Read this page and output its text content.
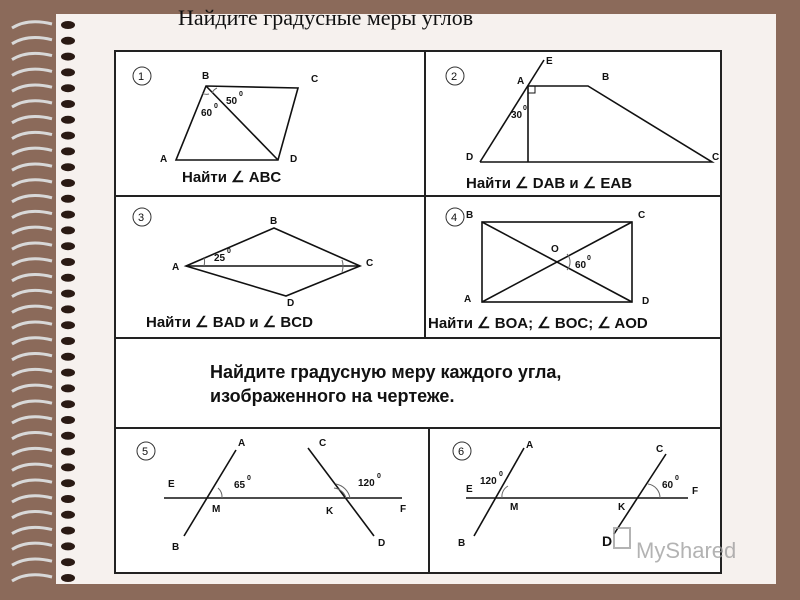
Найдите градусные меры углов
1	B	C
A	D
50
0
60
0
Найти ∠ ABC
2
E
A	B
D	C
30
0
Найти ∠ DAB и ∠ EAB
3	B
A	C
D
25
0
Найти ∠ BAD и ∠ BCD
4 B	C
O
A	D
60
0
Найти ∠ BOA; ∠ BOC; ∠ AOD
Найдите градусную меру каждого угла,
изображенного на чертеже.
5
A	C
E
M	K	F
B	D
65
0	120
0
6
A	C
E
M	K
F
B	D
120
0
60
0
MyShared
